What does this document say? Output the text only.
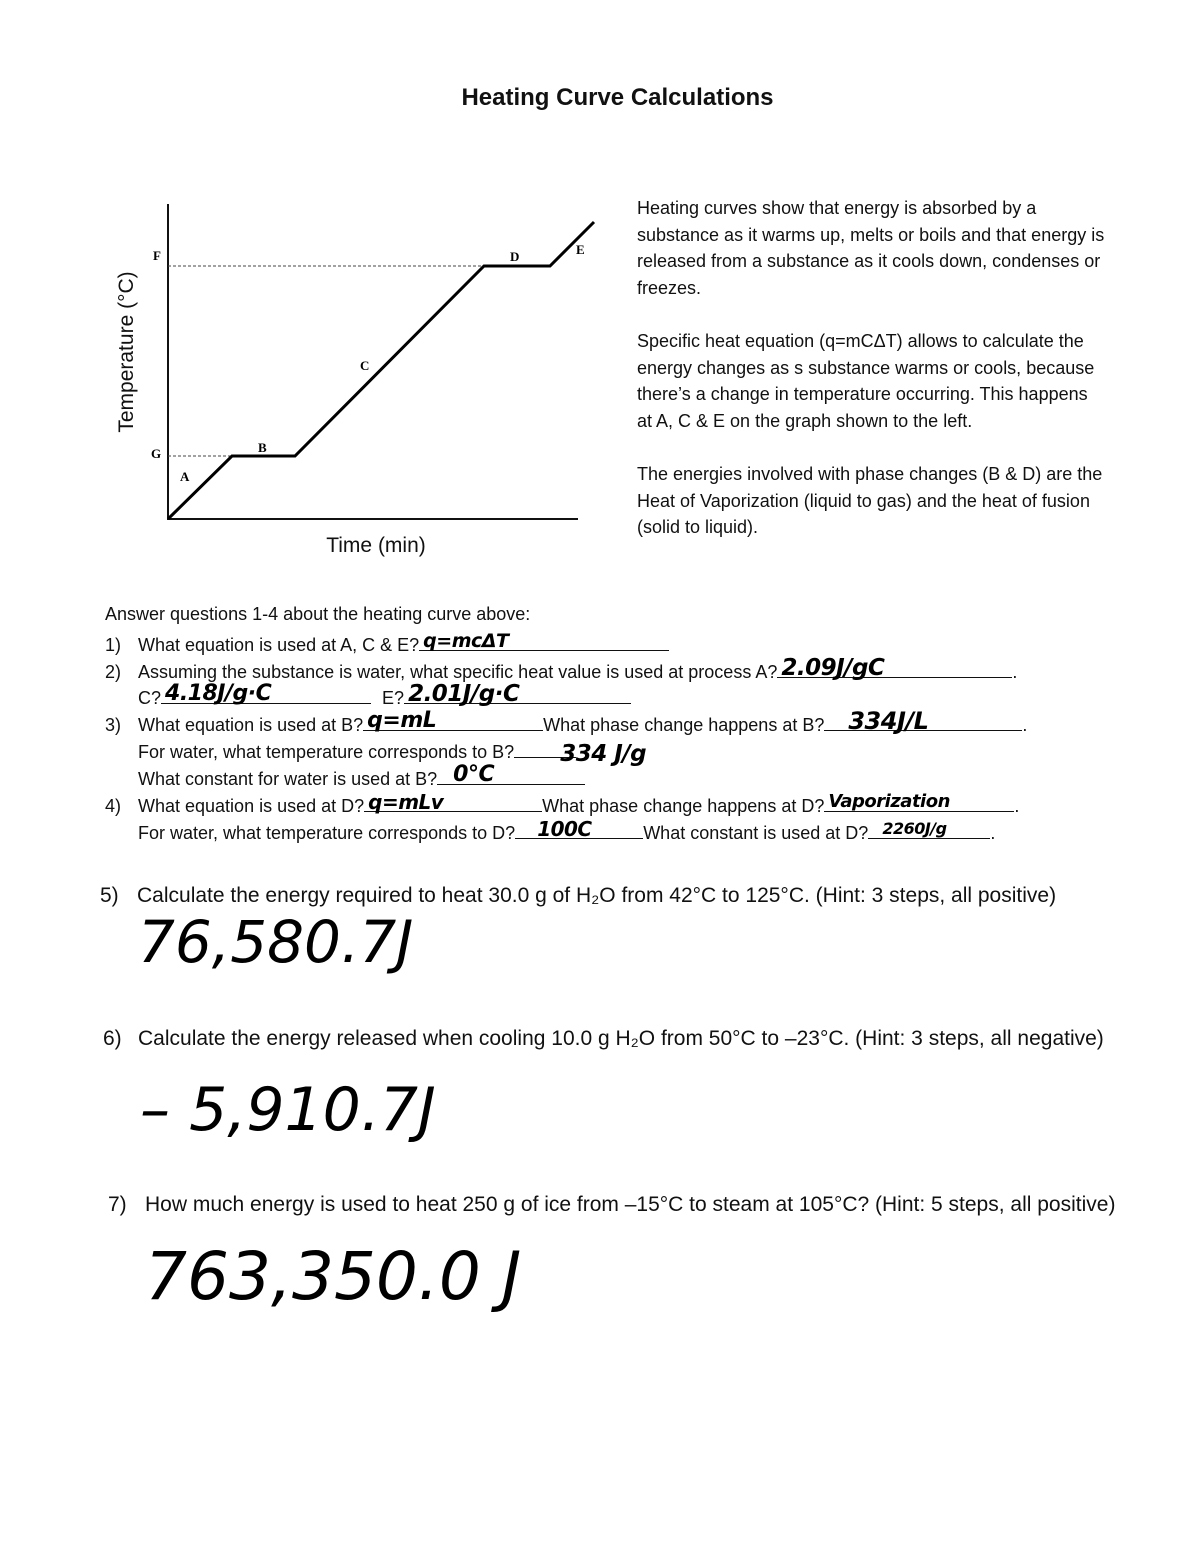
Heating Curve Calculations
Temperature (°C)
A
B
C
D	E
F
G
Time (min)

Heating curves show that energy is absorbed by a substance as it warms up, melts or boils and that energy is released from a substance as it cools down, condenses or freezes.

Specific heat equation (q=mCΔT) allows to calculate the energy changes as s substance warms or cools, because there’s a change in temperature occurring. This happens at A, C & E on the graph shown to the left.

The energies involved with phase changes (B & D) are the Heat of Vaporization (liquid to gas) and the heat of fusion (solid to liquid).

Answer questions 1-4 about the heating curve above:
1) What equation is used at A, C & E? q=mcΔT
2) Assuming the substance is water, what specific heat value is used at process A? 2.09J/gC	.
C? 4.18J/g·C	E? 2.01J/g·C
3) What equation is used at B? q=mL	What phase change happens at B? 334J/L	.
For water, what temperature corresponds to B? 334 J/g
What constant for water is used at B? 0°C
4) What equation is used at D? q=mLv	What phase change happens at D? Vaporization	.
For water, what temperature corresponds to D? 100C	What constant is used at D? 2260J/g .
5) Calculate the energy required to heat 30.0 g of H₂O from 42°C to 125°C. (Hint: 3 steps, all positive)
76,580.7J
6) Calculate the energy released when cooling 10.0 g H₂O from 50°C to –23°C. (Hint: 3 steps, all negative)
– 5,910.7J
7) How much energy is used to heat 250 g of ice from –15°C to steam at 105°C? (Hint: 5 steps, all positive)
763,350.0 J
